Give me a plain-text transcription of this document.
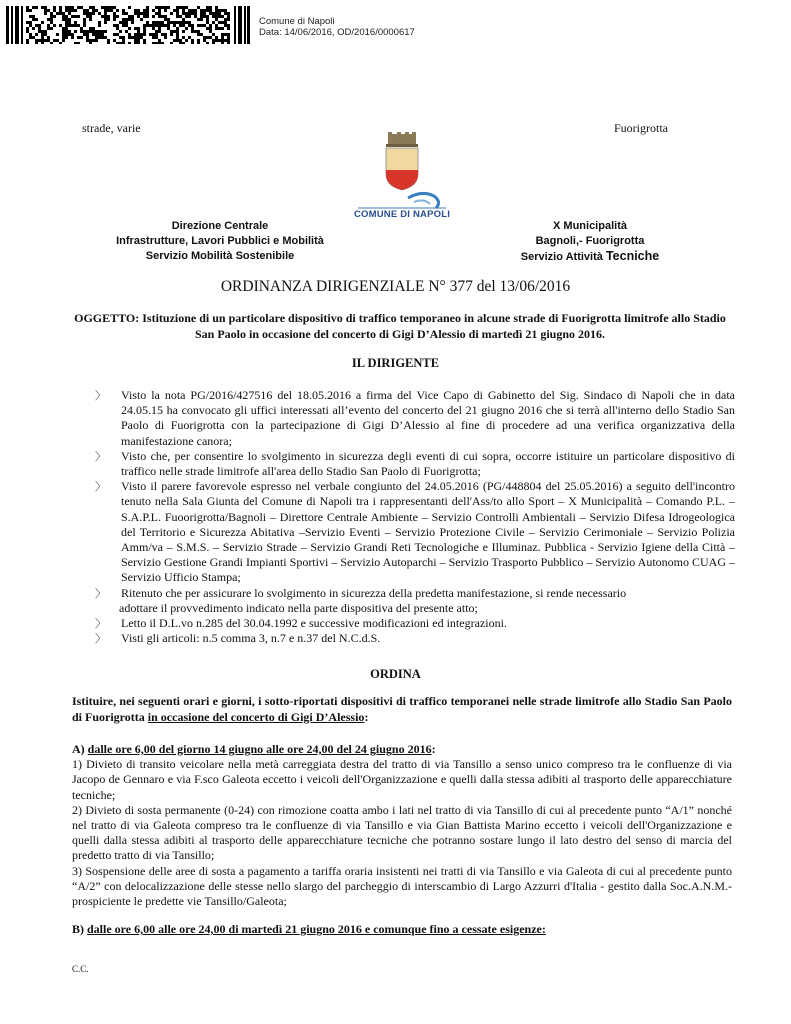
Comune di Napoli
Data: 14/06/2016, OD/2016/0000617
strade, varie	Fuorigrotta
COMUNE DI NAPOLI
Direzione Centrale
Infrastrutture, Lavori Pubblici e Mobilità
Servizio Mobilità Sostenibile
X Municipalità
Bagnoli,- Fuorigrotta
Servizio Attività Tecniche
ORDINANZA DIRIGENZIALE N° 377 del 13/06/2016
OGGETTO: Istituzione di un particolare dispositivo di traffico temporaneo in alcune strade di Fuorigrotta limitrofe allo Stadio San Paolo in occasione del concerto di Gigi D’Alessio di martedì 21 giugno 2016.
IL DIRIGENTE
〉 Visto la nota PG/2016/427516 del 18.05.2016 a firma del Vice Capo di Gabinetto del Sig. Sindaco di Napoli che in data 24.05.15 ha convocato gli uffici interessati all’evento del concerto del 21 giugno 2016 che si terrà all'interno dello Stadio San Paolo di Fuorigrotta con la partecipazione di Gigi D’Alessio al fine di procedere ad una verifica organizzativa della manifestazione canora;
〉 Visto che, per consentire lo svolgimento in sicurezza degli eventi di cui sopra, occorre istituire un particolare dispositivo di traffico nelle strade limitrofe all'area dello Stadio San Paolo di Fuorigrotta;
〉 Visto il parere favorevole espresso nel verbale congiunto del 24.05.2016 (PG/448804 del 25.05.2016) a seguito dell'incontro tenuto nella Sala Giunta del Comune di Napoli tra i rappresentanti dell'Ass/to allo Sport – X Municipalità – Comando P.L. – S.A.P.L. Fuoorigrotta/Bagnoli – Direttore Centrale Ambiente – Servizio Controlli Ambientali – Servizio Difesa Idrogeologica del Territorio e Sicurezza Abitativa –Servizio Eventi – Servizio Protezione Civile – Servizio Cerimoniale – Servizio Polizia Amm/va – S.M.S. – Servizio Strade – Servizio Grandi Reti Tecnologiche e Illuminaz. Pubblica - Servizio Igiene della Città – Servizio Gestione Grandi Impianti Sportivi – Servizio Autoparchi – Servizio Trasporto Pubblico – Servizio Autonomo CUAG – Servizio Ufficio Stampa;
〉 Ritenuto che per assicurare lo svolgimento in sicurezza della predetta manifestazione, si rende necessario
adottare il provvedimento indicato nella parte dispositiva del presente atto;
〉 Letto il D.L.vo n.285 del 30.04.1992 e successive modificazioni ed integrazioni.
〉 Visti gli articoli: n.5 comma 3, n.7 e n.37 del N.C.d.S.
ORDINA
Istituire, nei seguenti orari e giorni, i sotto-riportati dispositivi di traffico temporanei nelle strade limitrofe allo Stadio San Paolo di Fuorigrotta in occasione del concerto di Gigi D’Alessio:

A) dalle ore 6,00 del giorno 14 giugno alle ore 24,00 del 24 giugno 2016:

1) Divieto di transito veicolare nella metà carreggiata destra del tratto di via Tansillo a senso unico compreso tra le confluenze di via Jacopo de Gennaro e via F.sco Galeota eccetto i veicoli dell'Organizzazione e quelli dalla stessa adibiti al trasporto delle apparecchiature tecniche;

2) Divieto di sosta permanente (0-24) con rimozione coatta ambo i lati nel tratto di via Tansillo di cui al precedente punto “A/1” nonché nel tratto di via Galeota compreso tra le confluenze di via Tansillo e via Gian Battista Marino eccetto i veicoli dell'Organizzazione e quelli dalla stessa adibiti al trasporto delle apparecchiature tecniche che potranno sostare lungo il lato destro del senso di marcia del predetto tratto di via Tansillo;

3) Sospensione delle aree di sosta a pagamento a tariffa oraria insistenti nei tratti di via Tansillo e via Galeota di cui al precedente punto “A/2” con delocalizzazione delle stesse nello slargo del parcheggio di interscambio di Largo Azzurri d'Italia - gestito dalla Soc.A.N.M.- prospiciente le predette vie Tansillo/Galeota;

B) dalle ore 6,00 alle ore 24,00 di martedì 21 giugno 2016 e comunque fino a cessate esigenze:
C.C.
